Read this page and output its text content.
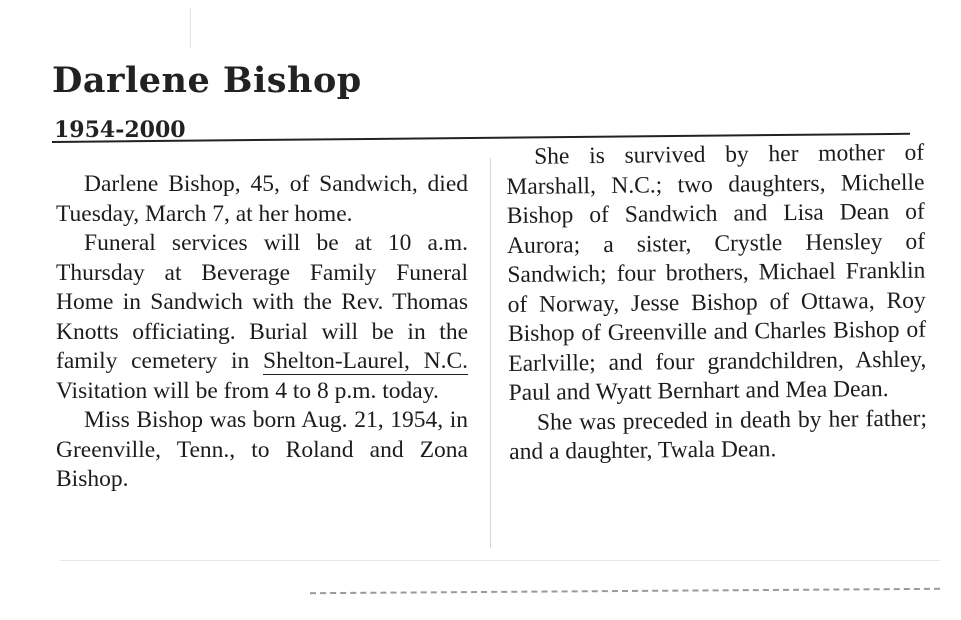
Darlene Bishop
1954-2000

Darlene Bishop, 45, of Sandwich, died Tuesday, March 7, at her home.

Funeral services will be at 10 a.m. Thursday at Beverage Family Funeral Home in Sandwich with the Rev. Thomas Knotts officiating. Burial will be in the family cemetery in Shelton-Laurel, N.C. Visitation will be from 4 to 8 p.m. today.

Miss Bishop was born Aug. 21, 1954, in Greenville, Tenn., to Roland and Zona Bishop.

She is survived by her mother of Marshall, N.C.; two daughters, Michelle Bishop of Sandwich and Lisa Dean of Aurora; a sister, Crystle Hensley of Sandwich; four brothers, Michael Franklin of Norway, Jesse Bishop of Ottawa, Roy Bishop of Greenville and Charles Bishop of Earlville; and four grandchildren, Ashley, Paul and Wyatt Bernhart and Mea Dean.

She was preceded in death by her father; and a daughter, Twala Dean.
